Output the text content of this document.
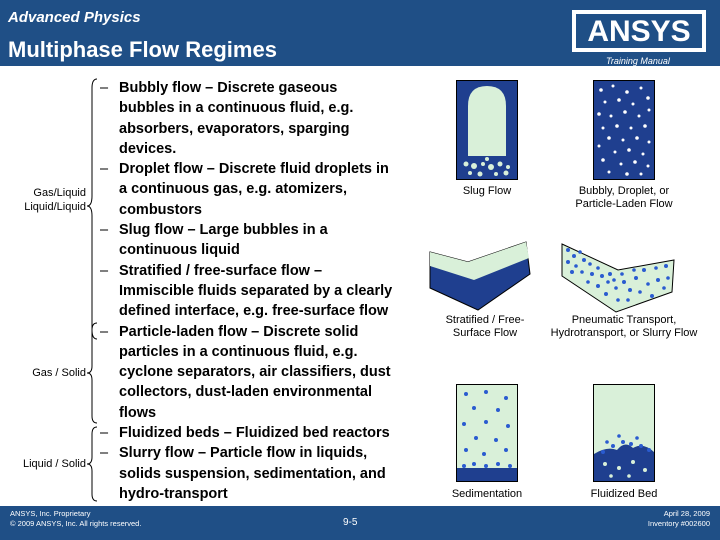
Advanced Physics
Multiphase Flow Regimes
ANSYS
Training Manual
Gas/Liquid
Liquid/Liquid
Gas / Solid
Liquid / Solid
– Bubbly flow – Discrete gaseous
bubbles in a continuous fluid, e.g.
absorbers, evaporators, sparging
devices.
– Droplet flow – Discrete fluid droplets in
a continuous gas, e.g. atomizers,
combustors
– Slug flow – Large bubbles in a
continuous liquid
– Stratified / free-surface flow –
Immiscible fluids separated by a clearly
defined interface, e.g. free-surface flow
– Particle-laden flow – Discrete solid
particles in a continuous fluid, e.g.
cyclone separators, air classifiers, dust
collectors, dust-laden environmental
flows
– Fluidized beds – Fluidized bed reactors
– Slurry flow – Particle flow in liquids,
solids suspension, sedimentation, and
hydro-transport
Slug Flow	Bubbly, Droplet, or
Particle-Laden Flow
Stratified / Free-
Surface Flow
Pneumatic Transport,
Hydrotransport, or Slurry Flow
Sedimentation	Fluidized Bed
ANSYS, Inc. Proprietary
© 2009 ANSYS, Inc. All rights reserved.	9-5
April 28, 2009
Inventory #002600
